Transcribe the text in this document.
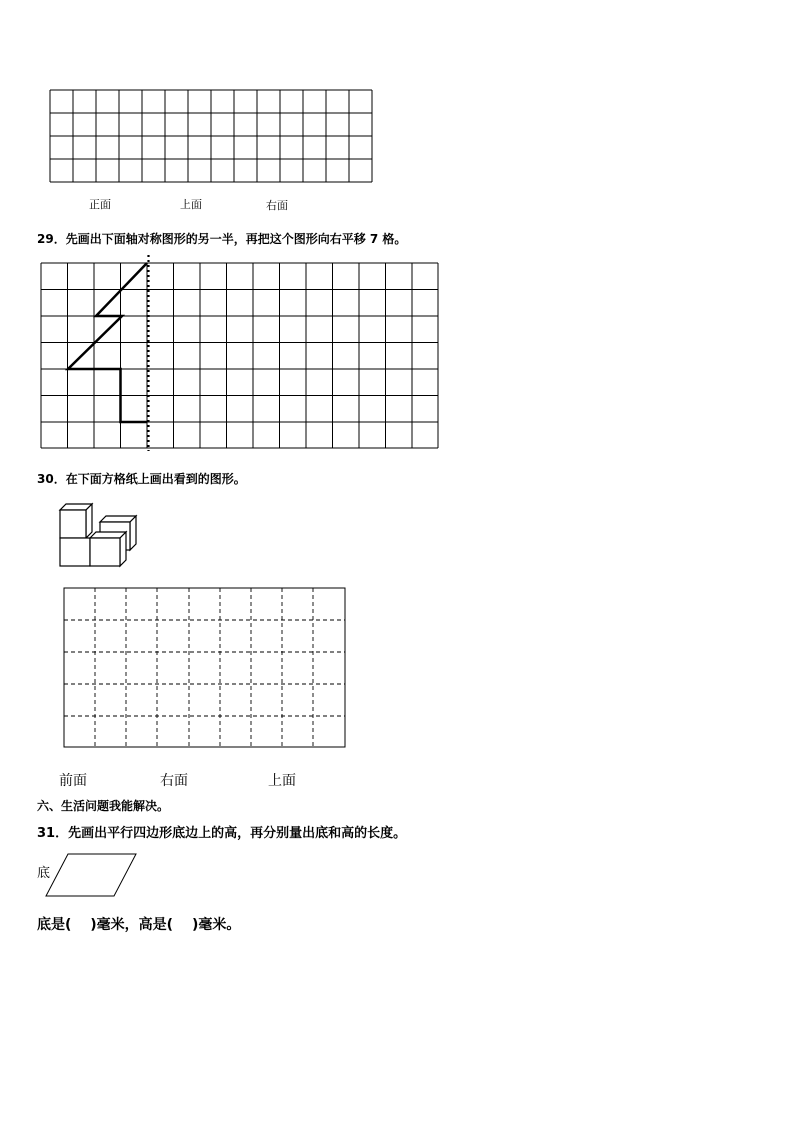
正面	上面	右面
29．先画出下面轴对称图形的另一半，再把这个图形向右平移 7 格。
30．在下面方格纸上画出看到的图形。
前面	右面	上面
六、生活问题我能解决。
31．先画出平行四边形底边上的高，再分别量出底和高的长度。
底
底是(　 )毫米，高是(　 )毫米。
